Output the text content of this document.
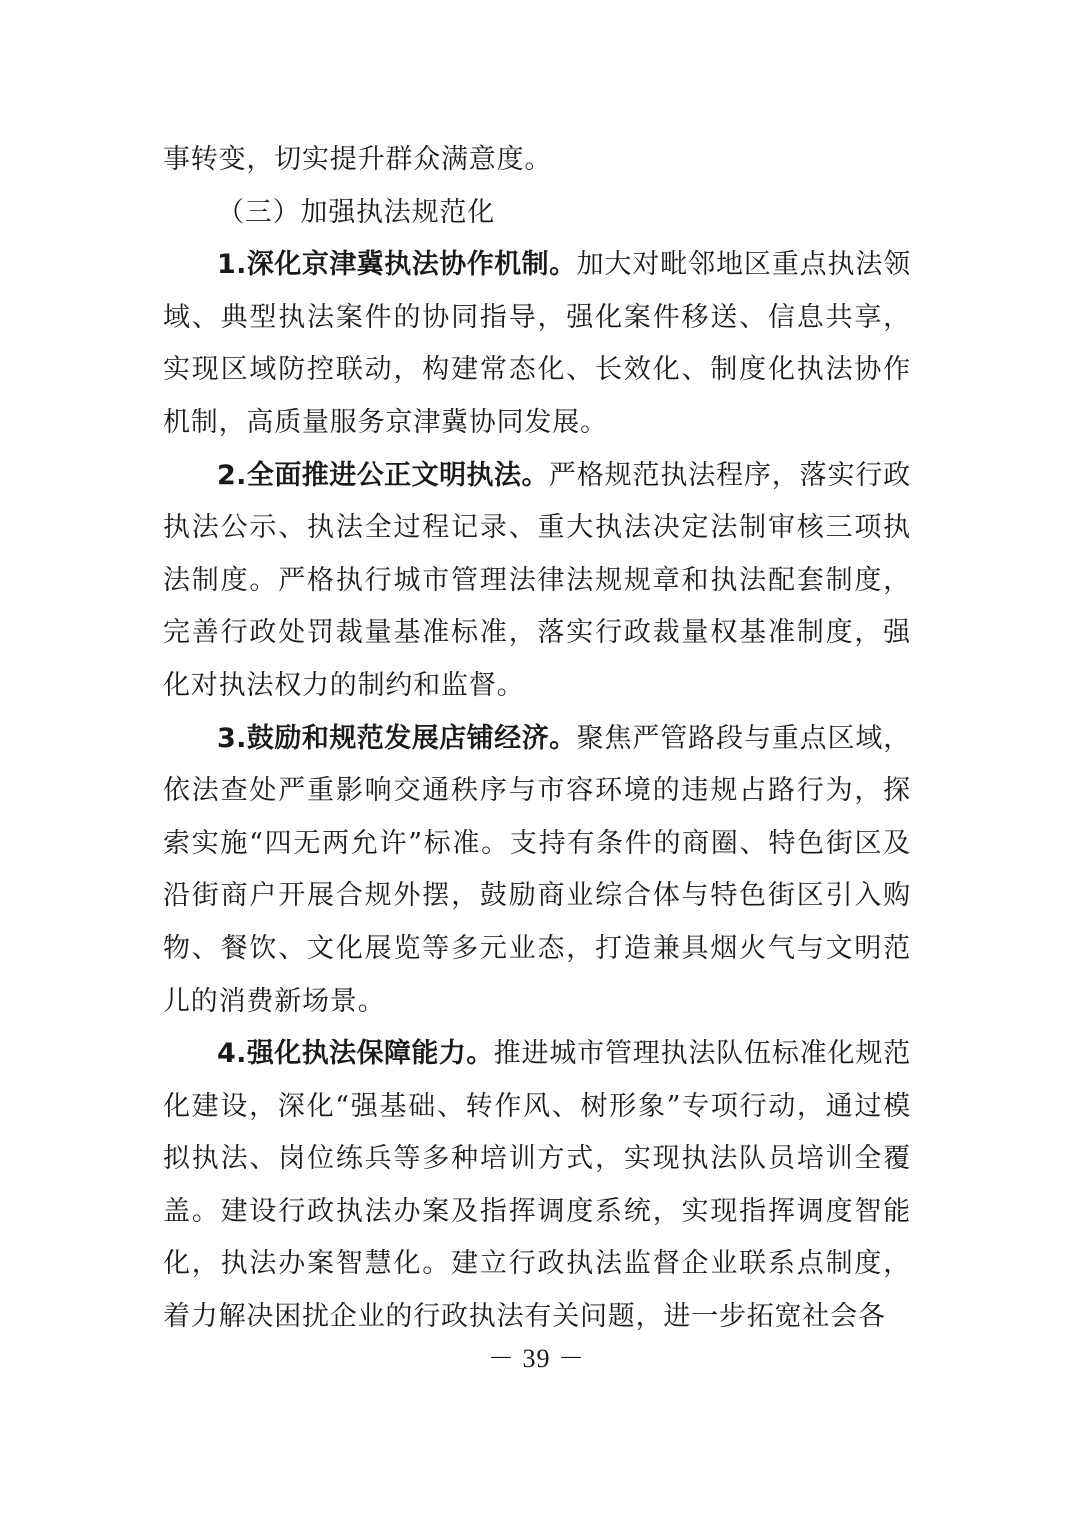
事转变，切实提升群众满意度。

（三）加强执法规范化

1.深化京津冀执法协作机制。加大对毗邻地区重点执法领域、典型执法案件的协同指导，强化案件移送、信息共享，实现区域防控联动，构建常态化、长效化、制度化执法协作机制，高质量服务京津冀协同发展。

2.全面推进公正文明执法。严格规范执法程序，落实行政执法公示、执法全过程记录、重大执法决定法制审核三项执法制度。严格执行城市管理法律法规规章和执法配套制度，完善行政处罚裁量基准标准，落实行政裁量权基准制度，强化对执法权力的制约和监督。

3.鼓励和规范发展店铺经济。聚焦严管路段与重点区域，依法查处严重影响交通秩序与市容环境的违规占路行为，探索实施“四无两允许”标准。支持有条件的商圈、特色街区及沿街商户开展合规外摆，鼓励商业综合体与特色街区引入购物、餐饮、文化展览等多元业态，打造兼具烟火气与文明范儿的消费新场景。

4.强化执法保障能力。推进城市管理执法队伍标准化规范化建设，深化“强基础、转作风、树形象”专项行动，通过模拟执法、岗位练兵等多种培训方式，实现执法队员培训全覆盖。建设行政执法办案及指挥调度系统，实现指挥调度智能化，执法办案智慧化。建立行政执法监督企业联系点制度，着力解决困扰企业的行政执法有关问题，进一步拓宽社会各

－ 39 －
